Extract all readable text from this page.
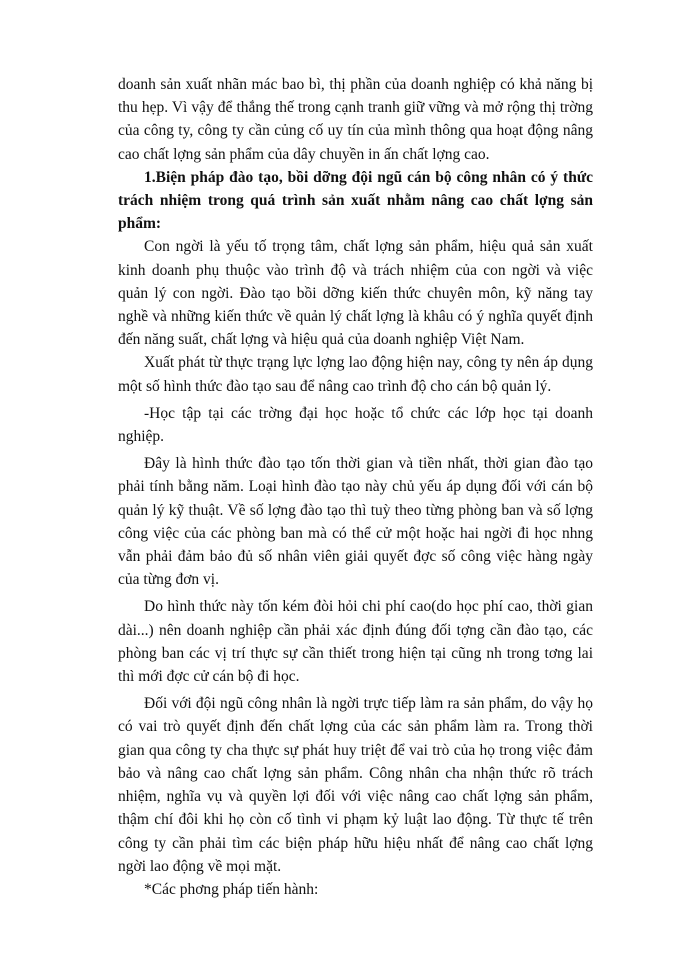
doanh sản xuất nhãn mác bao bì, thị phần của doanh nghiệp có khả năng bị thu hẹp. Vì vậy để thắng thế trong cạnh tranh giữ vững và mở rộng thị trờng của công ty, công ty cần củng cố uy tín của mình thông qua hoạt động nâng cao chất lợng sản phẩm của dây chuyền in ấn chất lợng cao.

1.Biện pháp đào tạo, bồi dỡng đội ngũ cán bộ công nhân có ý thức trách nhiệm trong quá trình sản xuất nhằm nâng cao chất lợng sản phẩm:

Con ngời là yếu tố trọng tâm, chất lợng sản phẩm, hiệu quả sản xuất kinh doanh phụ thuộc vào trình độ và trách nhiệm của con ngời và việc quản lý con ngời. Đào tạo bồi dỡng kiến thức chuyên môn, kỹ năng tay nghề và những kiến thức về quản lý chất lợng là khâu có ý nghĩa quyết định đến năng suất, chất lợng và hiệu quả của doanh nghiệp Việt Nam.

Xuất phát từ thực trạng lực lợng lao động hiện nay, công ty nên áp dụng một số hình thức đào tạo sau để nâng cao trình độ cho cán bộ quản lý.

-Học tập tại các trờng đại học hoặc tổ chức các lớp học tại doanh nghiệp.

Đây là hình thức đào tạo tốn thời gian và tiền nhất, thời gian đào tạo phải tính bằng năm. Loại hình đào tạo này chủ yếu áp dụng đối với cán bộ quản lý kỹ thuật. Về số lợng đào tạo thì tuỳ theo từng phòng ban và số lợng công việc của các phòng ban mà có thể cử một hoặc hai ngời đi học nhng vẫn phải đảm bảo đủ số nhân viên giải quyết đợc số công việc hàng ngày của từng đơn vị.

Do hình thức này tốn kém đòi hỏi chi phí cao(do học phí cao, thời gian dài...) nên doanh nghiệp cần phải xác định đúng đối tợng cần đào tạo, các phòng ban các vị trí thực sự cần thiết trong hiện tại cũng nh trong tơng lai thì mới đợc cử cán bộ đi học.

Đối với đội ngũ công nhân là ngời trực tiếp làm ra sản phẩm, do vậy họ có vai trò quyết định đến chất lợng của các sản phẩm làm ra. Trong thời gian qua công ty cha thực sự phát huy triệt để vai trò của họ trong việc đảm bảo và nâng cao chất lợng sản phẩm. Công nhân cha nhận thức rõ trách nhiệm, nghĩa vụ và quyền lợi đối với việc nâng cao chất lợng sản phẩm, thậm chí đôi khi họ còn cố tình vi phạm kỷ luật lao động. Từ thực tế trên công ty cần phải tìm các biện pháp hữu hiệu nhất để nâng cao chất lợng ngời lao động về mọi mặt.

*Các phơng pháp tiến hành:
